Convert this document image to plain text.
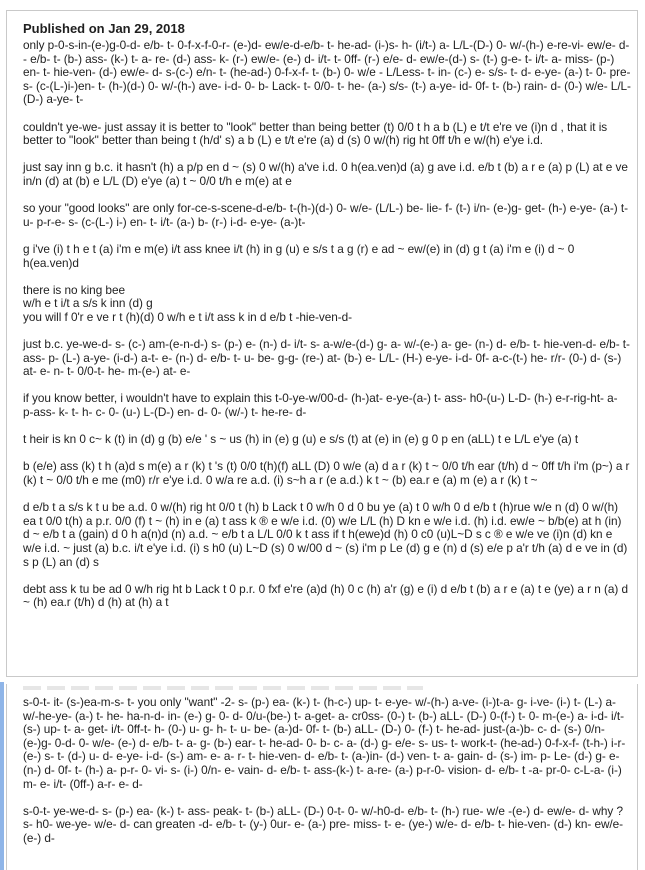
Published on Jan 29, 2018

only p-0-s-in-(e-)g-0-d- e/b- t- 0-f-x-f-0-r- (e-)d- ew/e-d-e/b- t- he-ad- (i-)s- h- (i/t-) a- L/L-(D-) 0- w/-(h-) e-re-vi- ew/e- d- - e/b- t- (b-) ass- (k-) t- a- re- (d-) ass- k- (r-) ew/e- (e-) d- i/t- t- 0ff- (r-) e/e- d- ew/e-(d-) s- (t-) g-e- t- i/t- a- miss- (p-) en- t- hie-ven- (d-) ew/e- d- s-(c-) e/n- t- (he-ad-) 0-f-x-f- t- (b-) 0- w/e - L/Less- t- in- (c-) e- s/s- t- d- e-ye- (a-) t- 0- pre- s- (c-(L-)i-)en- t- (h-)(d-) 0- w/-(h-) ave- i-d- 0- b- Lack- t- 0/0- t- he- (a-) s/s- (t-) a-ye- id- 0f- t- (b-) rain- d- (0-) w/e- L/L-(D-) a-ye- t-

couldn't ye-we- just assay it is better to "look" better than being better (t) 0/0 t h a b (L) e t/t e're ve (i)n d , that it is better to "look" better than being t (h/d' s) a b (L) e t/t e're (a) d (s) 0 w/(h) rig ht 0ff t/h e w/(h) e'ye i.d.

just say inn g b.c. it hasn't (h) a p/p en d ~ (s) 0 w/(h) a've i.d. 0 h(ea.ven)d (a) g ave i.d. e/b t (b) a r e (a) p (L) at e ve in/n (d) at (b) e L/L (D) e'ye (a) t ~ 0/0 t/h e m(e) at e

so your "good looks" are only for-ce-s-scene-d-e/b- t-(h-)(d-) 0- w/e- (L/L-) be- lie- f- (t-) i/n- (e-)g- get- (h-) e-ye- (a-) t- u- p-r-e- s- (c-(L-) i-) en- t- i/t- (a-) b- (r-) i-d- e-ye- (a-)t-

g i've (i) t h e t (a) i'm e m(e) i/t ass knee i/t (h) in g (u) e s/s t a g (r) e ad ~ ew/(e) in (d) g t (a) i'm e (i) d ~ 0 h(ea.ven)d

there is no king bee
w/h e t i/t a s/s k inn (d) g
you will f 0'r e ve r t (h)(d) 0 w/h e t i/t ass k in d e/b t -hie-ven-d-

just b.c. ye-we-d- s- (c-) am-(e-n-d-) s- (p-) e- (n-) d- i/t- s- a-w/e-(d-) g- a- w/-(e-) a- ge- (n-) d- e/b- t- hie-ven-d- e/b- t- ass- p- (L-) a-ye- (i-d-) a-t- e- (n-) d- e/b- t- u- be- g-g- (re-) at- (b-) e- L/L- (H-) e-ye- i-d- 0f- a-c-(t-) he- r/r- (0-) d- (s-) at- e- n- t- 0/0-t- he- m-(e-) at- e-

if you know better, i wouldn't have to explain this t-0-ye-w/00-d- (h-)at- e-ye-(a-) t- ass- h0-(u-) L-D- (h-) e-r-rig-ht- a- p-ass- k- t- h- c- 0- (u-) L-(D-) en- d- 0- (w/-) t- he-re- d-

t heir is kn 0 c~ k (t) in (d) g (b) e/e ' s ~ us (h) in (e) g (u) e s/s (t) at (e) in (e) g 0 p en (aLL) t e L/L e'ye (a) t

b (e/e) ass (k) t h (a)d s m(e) a r (k) t 's (t) 0/0 t(h)(f) aLL (D) 0 w/e (a) d a r (k) t ~ 0/0 t/h ear (t/h) d ~ 0ff t/h i'm (p~) a r (k) t ~ 0/0 t/h e me (m0) r/r e'ye i.d. 0 w/a re a.d. (i) s~h a r (e a.d.) k t ~ (b) ea.r e (a) m (e) a r (k) t ~

d e/b t a s/s k t u be a.d. 0 w/(h) rig ht 0/0 t (h) b Lack t 0 w/h 0 d 0 bu ye (a) t 0 w/h 0 d e/b t (h)rue w/e n (d) 0 w/(h) ea t 0/0 t(h) a p.r. 0/0 (f) t ~ (h) in e (a) t ass k ® e w/e i.d. (0) w/e L/L (h) D kn e w/e i.d. (h) i.d. ew/e ~ b/b(e) at h (in) d ~ e/b t a (gain) d 0 h a(n)d (n) a.d. ~ e/b t a L/L 0/0 k t ass if t h(ewe)d (h) 0 c0 (u)L~D s c ® e w/e ve (i)n (d) kn e w/e i.d. ~ just (a) b.c. i/t e'ye i.d. (i) s h0 (u) L~D (s) 0 w/00 d ~ (s) i'm p Le (d) g e (n) d (s) e/e p a'r t/h (a) d e ve in (d) s p (L) an (d) s

debt ass k tu be ad 0 w/h rig ht b Lack t 0 p.r. 0 fxf e're (a)d (h) 0 c (h) a'r (g) e (i) d e/b t (b) a r e (a) t e (ye) a r n (a) d ~ (h) ea.r (t/h) d (h) at (h) a t

s-0-t- it- (s-)ea-m-s- t- you only "want" -2- s- (p-) ea- (k-) t- (h-c-) up- t- e-ye- w/-(h-) a-ve- (i-)t-a- g- i-ve- (i-) t- (L-) a- w/-he-ye- (a-) t- he- ha-n-d- in- (e-) g- 0- d- 0/u-(be-) t- a-get- a- cr0ss- (0-) t- (b-) aLL- (D-) 0-(f-) t- 0- m-(e-) a- i-d- i/t- (s-) up- t- a- get- i/t- 0ff-t- h- (0-) u- g- h- t- u- be- (a-)d- 0f- t- (b-) aLL- (D-) 0- (f-) t- he-ad- just-(a-)b- c- d- (s-) 0/n- (e-)g- 0-d- 0- w/e- (e-) d- e/b- t- a- g- (b-) ear- t- he-ad- 0- b- c- a- (d-) g- e/e- s- us- t- work-t- (he-ad-) 0-f-x-f- (t-h-) i-r- (e-) s- t- (d-) u- d- e-ye- i-d- (s-) am- e- a- r- t- hie-ven- d- e/b- t- (a-)in- (d-) ven- t- a- gain- d- (s-) im- p- Le- (d-) g- e- (n-) d- 0f- t- (h-) a- p-r- 0- vi- s- (i-) 0/n- e- vain- d- e/b- t- ass-(k-) t- a-re- (a-) p-r-0- vision- d- e/b- t -a- pr-0- c-L-a- (i-) m- e- i/t- (0ff-) a-r- e- d-

s-0-t- ye-we-d- s- (p-) ea- (k-) t- ass- peak- t- (b-) aLL- (D-) 0-t- 0- w/-h0-d- e/b- t- (h-) rue- w/e -(e-) d- ew/e- d- why ? s- h0- we-ye- w/e- d- can greaten -d- e/b- t- (y-) 0ur- e- (a-) pre- miss- t- e- (ye-) w/e- d- e/b- t- hie-ven- (d-) kn- ew/e- (e-) d-
